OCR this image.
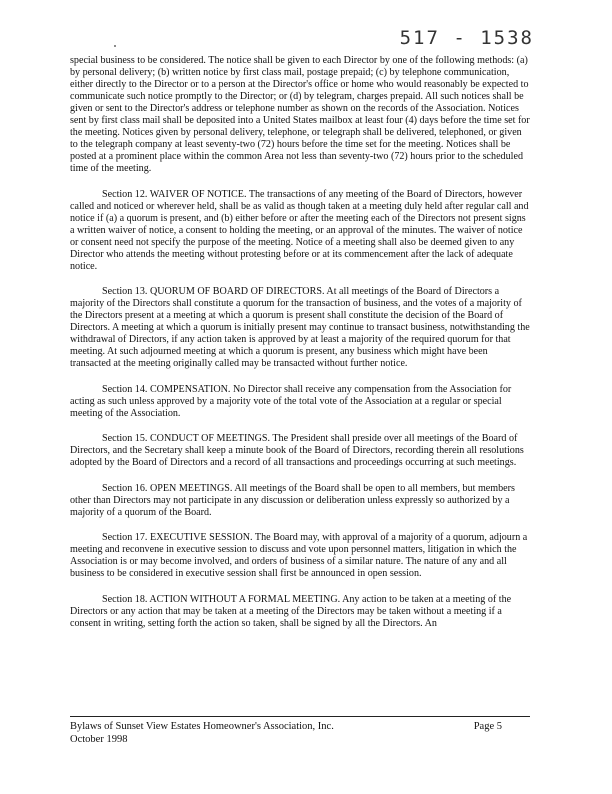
517 - 1538

special business to be considered. The notice shall be given to each Director by one of the following methods: (a) by personal delivery; (b) written notice by first class mail, postage prepaid; (c) by telephone communication, either directly to the Director or to a person at the Director's office or home who would reasonably be expected to communicate such notice promptly to the Director; or (d) by telegram, charges prepaid. All such notices shall be given or sent to the Director's address or telephone number as shown on the records of the Association. Notices sent by first class mail shall be deposited into a United States mailbox at least four (4) days before the time set for the meeting. Notices given by personal delivery, telephone, or telegraph shall be delivered, telephoned, or given to the telegraph company at least seventy-two (72) hours before the time set for the meeting. Notices shall be posted at a prominent place within the common Area not less than seventy-two (72) hours prior to the scheduled time of the meeting.

Section 12. WAIVER OF NOTICE. The transactions of any meeting of the Board of Directors, however called and noticed or wherever held, shall be as valid as though taken at a meeting duly held after regular call and notice if (a) a quorum is present, and (b) either before or after the meeting each of the Directors not present signs a written waiver of notice, a consent to holding the meeting, or an approval of the minutes. The waiver of notice or consent need not specify the purpose of the meeting. Notice of a meeting shall also be deemed given to any Director who attends the meeting without protesting before or at its commencement after the lack of adequate notice.

Section 13. QUORUM OF BOARD OF DIRECTORS. At all meetings of the Board of Directors a majority of the Directors shall constitute a quorum for the transaction of business, and the votes of a majority of the Directors present at a meeting at which a quorum is present shall constitute the decision of the Board of Directors. A meeting at which a quorum is initially present may continue to transact business, notwithstanding the withdrawal of Directors, if any action taken is approved by at least a majority of the required quorum for that meeting. At such adjourned meeting at which a quorum is present, any business which might have been transacted at the meeting originally called may be transacted without further notice.

Section 14. COMPENSATION. No Director shall receive any compensation from the Association for acting as such unless approved by a majority vote of the total vote of the Association at a regular or special meeting of the Association.

Section 15. CONDUCT OF MEETINGS. The President shall preside over all meetings of the Board of Directors, and the Secretary shall keep a minute book of the Board of Directors, recording therein all resolutions adopted by the Board of Directors and a record of all transactions and proceedings occurring at such meetings.

Section 16. OPEN MEETINGS. All meetings of the Board shall be open to all members, but members other than Directors may not participate in any discussion or deliberation unless expressly so authorized by a majority of a quorum of the Board.

Section 17. EXECUTIVE SESSION. The Board may, with approval of a majority of a quorum, adjourn a meeting and reconvene in executive session to discuss and vote upon personnel matters, litigation in which the Association is or may become involved, and orders of business of a similar nature. The nature of any and all business to be considered in executive session shall first be announced in open session.

Section 18. ACTION WITHOUT A FORMAL MEETING. Any action to be taken at a meeting of the Directors or any action that may be taken at a meeting of the Directors may be taken without a meeting if a consent in writing, setting forth the action so taken, shall be signed by all the Directors. An

Bylaws of Sunset View Estates Homeowner's Association, Inc.
October 1998
Page 5
